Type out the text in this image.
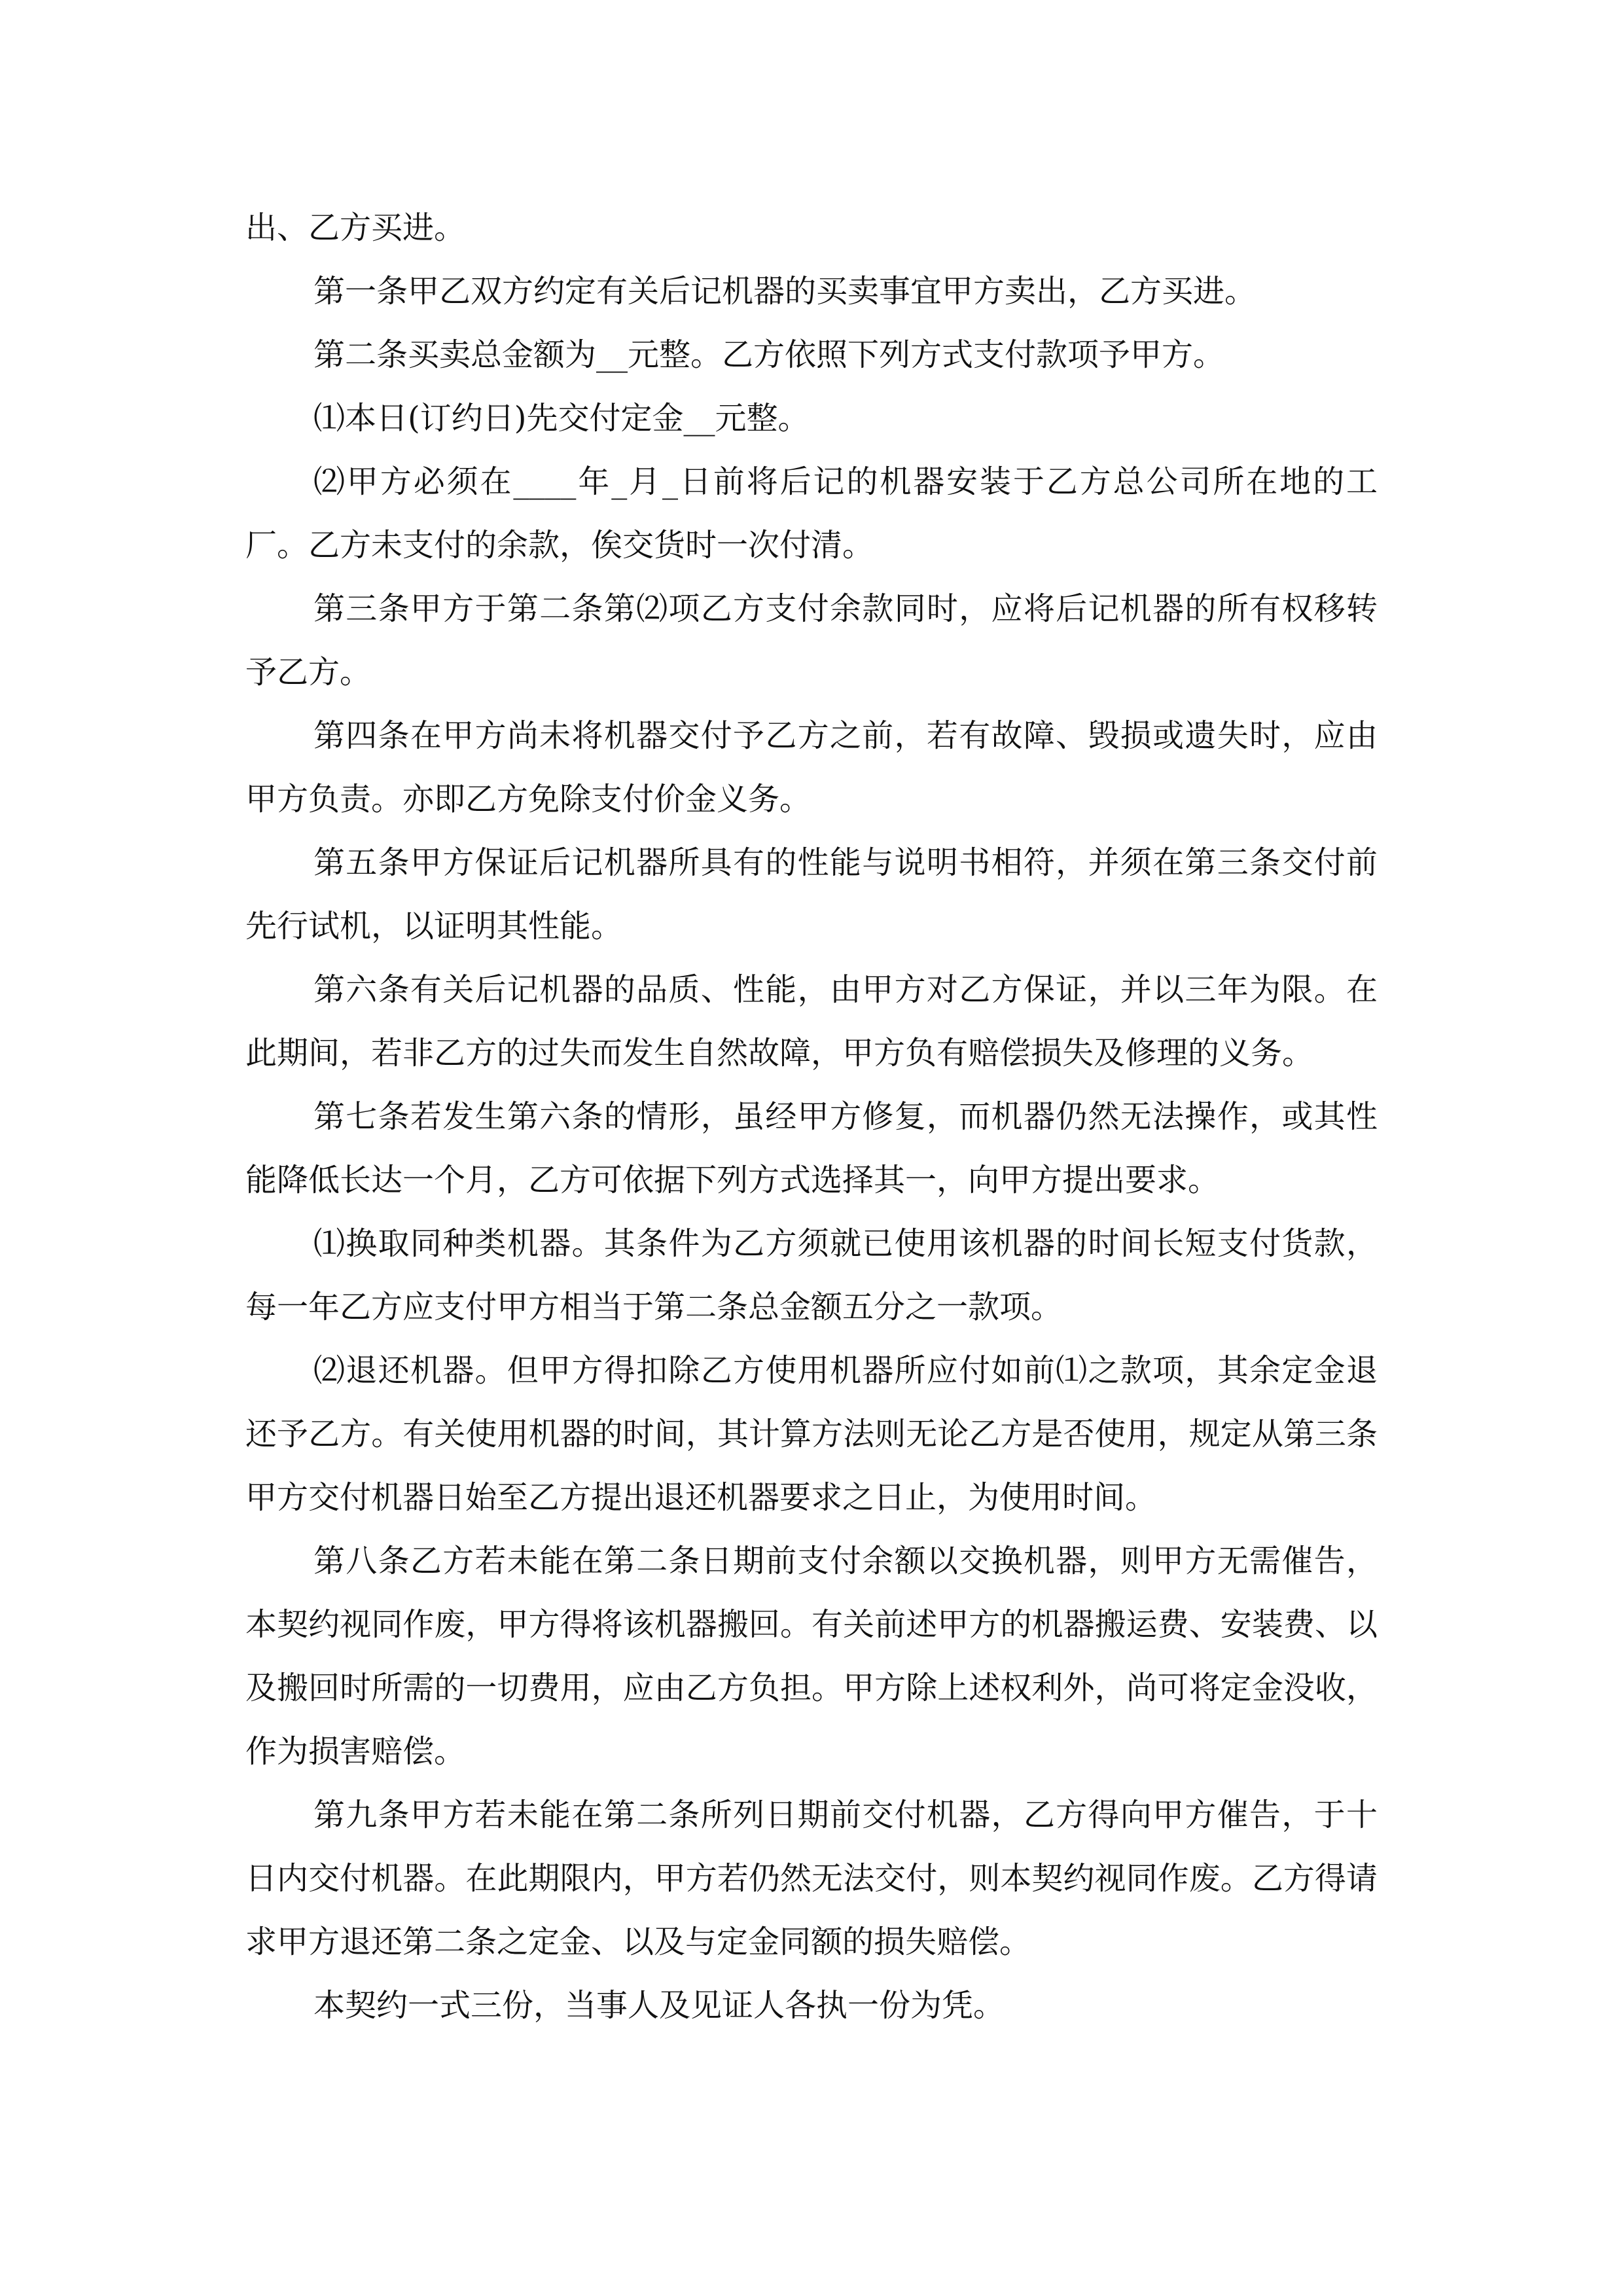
出、乙方买进。

第一条甲乙双方约定有关后记机器的买卖事宜甲方卖出，乙方买进。

第二条买卖总金额为__元整。乙方依照下列方式支付款项予甲方。

⑴本日(订约日)先交付定金__元整。

⑵甲方必须在____年_月_日前将后记的机器安装于乙方总公司所在地的工厂。乙方未支付的余款，俟交货时一次付清。

第三条甲方于第二条第⑵项乙方支付余款同时，应将后记机器的所有权移转予乙方。

第四条在甲方尚未将机器交付予乙方之前，若有故障、毁损或遗失时，应由甲方负责。亦即乙方免除支付价金义务。

第五条甲方保证后记机器所具有的性能与说明书相符，并须在第三条交付前先行试机，以证明其性能。

第六条有关后记机器的品质、性能，由甲方对乙方保证，并以三年为限。在此期间，若非乙方的过失而发生自然故障，甲方负有赔偿损失及修理的义务。

第七条若发生第六条的情形，虽经甲方修复，而机器仍然无法操作，或其性能降低长达一个月，乙方可依据下列方式选择其一，向甲方提出要求。

⑴换取同种类机器。其条件为乙方须就已使用该机器的时间长短支付货款，每一年乙方应支付甲方相当于第二条总金额五分之一款项。

⑵退还机器。但甲方得扣除乙方使用机器所应付如前⑴之款项，其余定金退还予乙方。有关使用机器的时间，其计算方法则无论乙方是否使用，规定从第三条甲方交付机器日始至乙方提出退还机器要求之日止，为使用时间。

第八条乙方若未能在第二条日期前支付余额以交换机器，则甲方无需催告，本契约视同作废，甲方得将该机器搬回。有关前述甲方的机器搬运费、安装费、以及搬回时所需的一切费用，应由乙方负担。甲方除上述权利外，尚可将定金没收，作为损害赔偿。

第九条甲方若未能在第二条所列日期前交付机器，乙方得向甲方催告，于十日内交付机器。在此期限内，甲方若仍然无法交付，则本契约视同作废。乙方得请求甲方退还第二条之定金、以及与定金同额的损失赔偿。

本契约一式三份，当事人及见证人各执一份为凭。
